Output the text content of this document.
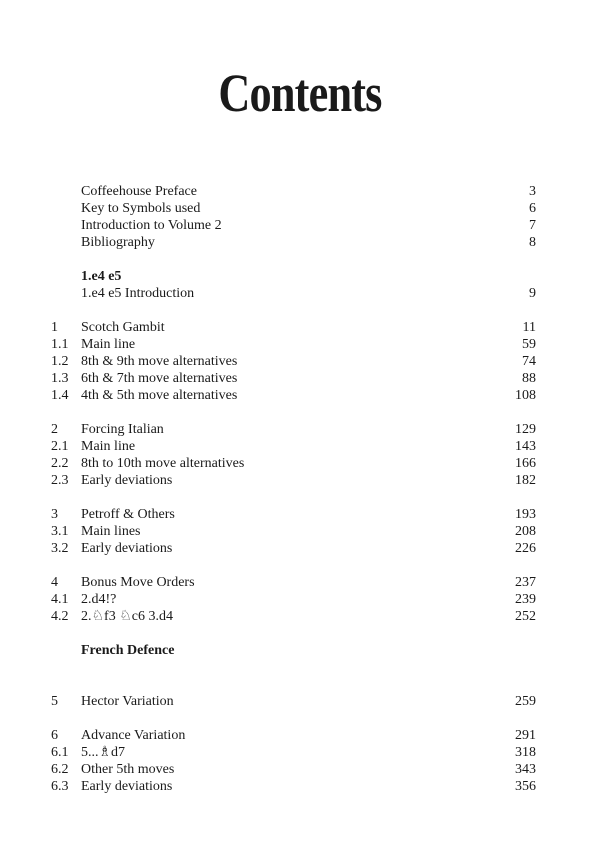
Contents
Coffeehouse Preface	3
Key to Symbols used	6
Introduction to Volume 2	7
Bibliography	8
1.e4 e5
1.e4 e5 Introduction	9
1 Scotch Gambit	11
1.1 Main line	59
1.2 8th & 9th move alternatives	74
1.3 6th & 7th move alternatives	88
1.4 4th & 5th move alternatives	108
2 Forcing Italian	129
2.1 Main line	143
2.2 8th to 10th move alternatives	166
2.3 Early deviations	182
3 Petroff & Others	193
3.1 Main lines	208
3.2 Early deviations	226
4 Bonus Move Orders	237
4.1 2.d4!?	239
4.2 2.♘f3 ♘c6 3.d4	252
French Defence
5 Hector Variation	259
6 Advance Variation	291
6.1 5...♗d7	318
6.2 Other 5th moves	343
6.3 Early deviations	356
